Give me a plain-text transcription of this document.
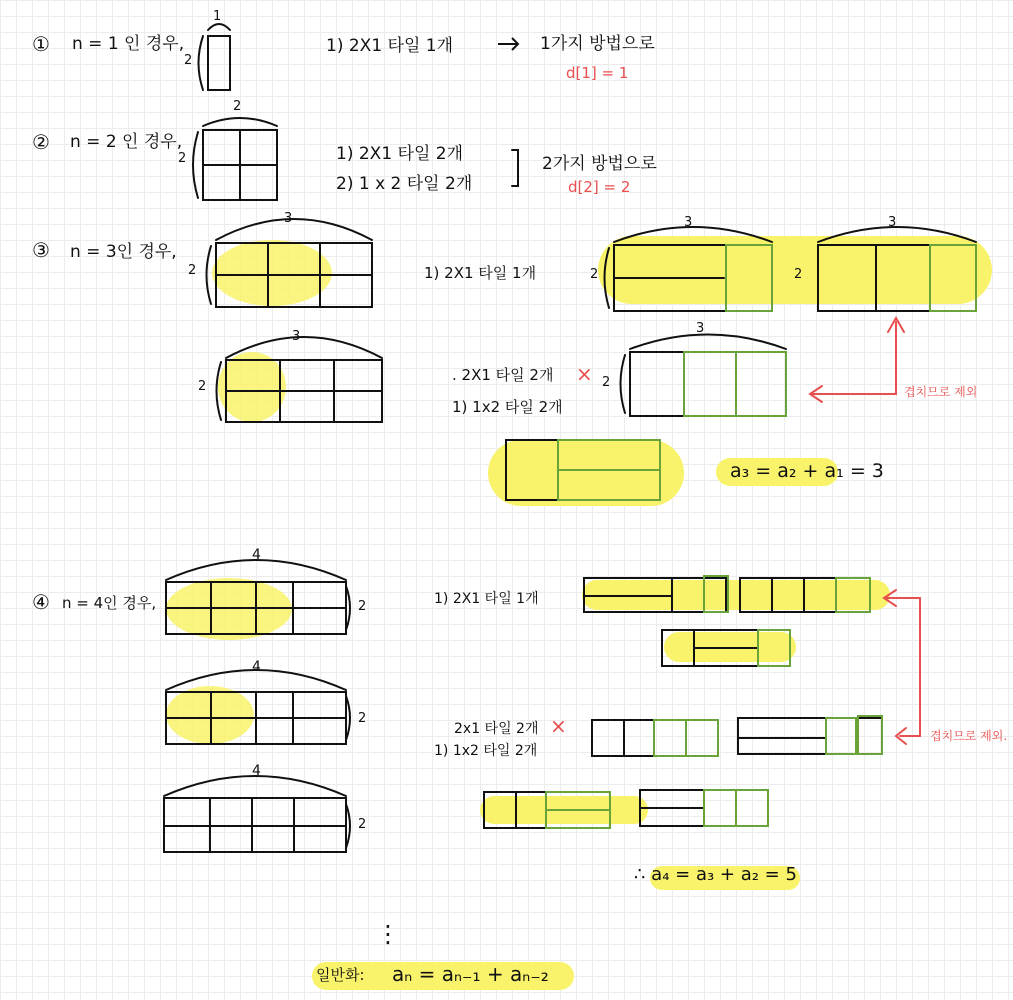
① n = 1 인 경우,
1
2
1) 2X1 타일 1개	1가지 방법으로
d[1] = 1
② n = 2 인 경우,
2
2	1) 2X1 타일 2개
2) 1 x 2 타일 2개
2가지 방법으로
d[2] = 2
③ n = 3인 경우,
3
2
3
2
1) 2X1 타일 1개
3
2
3
2
3
2
. 2X1 타일 2개 ×
1) 1x2 타일 2개
겹치므로 제외
a₃ = a₂ + a₁ = 3
④ n = 4인 경우,
4
2
4
2
4
2
1) 2X1 타일 1개
2x1 타일 2개 ×
1) 1x2 타일 2개
겹치므로 제외.
∴ a₄ = a₃ + a₂ = 5
⋮
일반화: aₙ = aₙ₋₁ + aₙ₋₂
